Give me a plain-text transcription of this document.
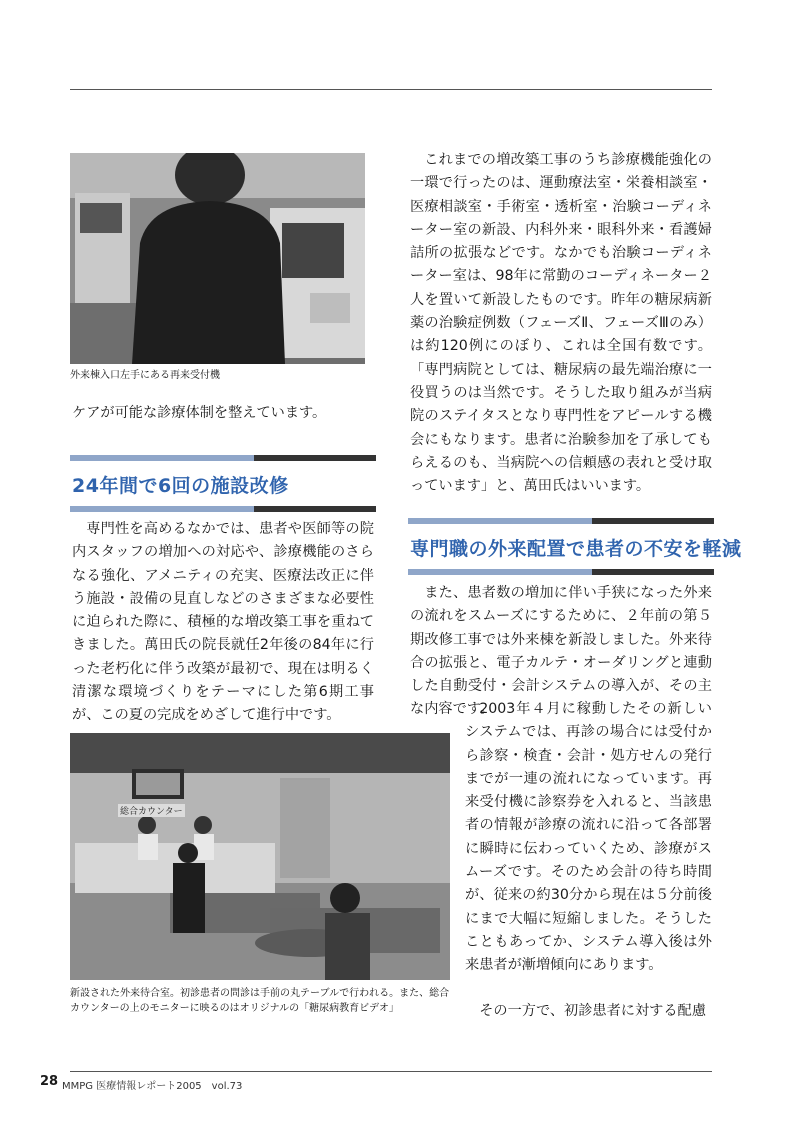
外来棟入口左手にある再来受付機

ケアが可能な診療体制を整えています。

24年間で6回の施設改修

専門性を高めるなかでは、患者や医師等の院内スタッフの増加への対応や、診療機能のさらなる強化、アメニティの充実、医療法改正に伴う施設・設備の見直しなどのさまざまな必要性に迫られた際に、積極的な増改築工事を重ねてきました。萬田氏の院長就任2年後の84年に行った老朽化に伴う改築が最初で、現在は明るく清潔な環境づくりをテーマにした第6期工事が、この夏の完成をめざして進行中です。

総合カウンター

新設された外来待合室。初診患者の問診は手前の丸テーブルで行われる。また、総合カウンターの上のモニターに映るのはオリジナルの「糖尿病教育ビデオ」

これまでの増改築工事のうち診療機能強化の一環で行ったのは、運動療法室・栄養相談室・医療相談室・手術室・透析室・治験コーディネーター室の新設、内科外来・眼科外来・看護婦詰所の拡張などです。なかでも治験コーディネーター室は、98年に常勤のコーディネーター２人を置いて新設したものです。昨年の糖尿病新薬の治験症例数（フェーズⅡ、フェーズⅢのみ）は約120例にのぼり、これは全国有数です。「専門病院としては、糖尿病の最先端治療に一役買うのは当然です。そうした取り組みが当病院のステイタスとなり専門性をアピールする機会にもなります。患者に治験参加を了承してもらえるのも、当病院への信頼感の表れと受け取っています」と、萬田氏はいいます。

専門職の外来配置で患者の不安を軽減

また、患者数の増加に伴い手狭になった外来の流れをスムーズにするために、２年前の第５期改修工事では外来棟を新設しました。外来待合の拡張と、電子カルテ・オーダリングと連動した自動受付・会計システムの導入が、その主な内容です。

2003年４月に稼動したその新しいシステムでは、再診の場合には受付から診察・検査・会計・処方せんの発行までが一連の流れになっています。再来受付機に診察券を入れると、当該患者の情報が診療の流れに沿って各部署に瞬時に伝わっていくため、診療がスムーズです。そのため会計の待ち時間が、従来の約30分から現在は５分前後にまで大幅に短縮しました。そうしたこともあってか、システム導入後は外来患者が漸増傾向にあります。

その一方で、初診患者に対する配慮

28 MMPG 医療情報レポート2005　vol.73
